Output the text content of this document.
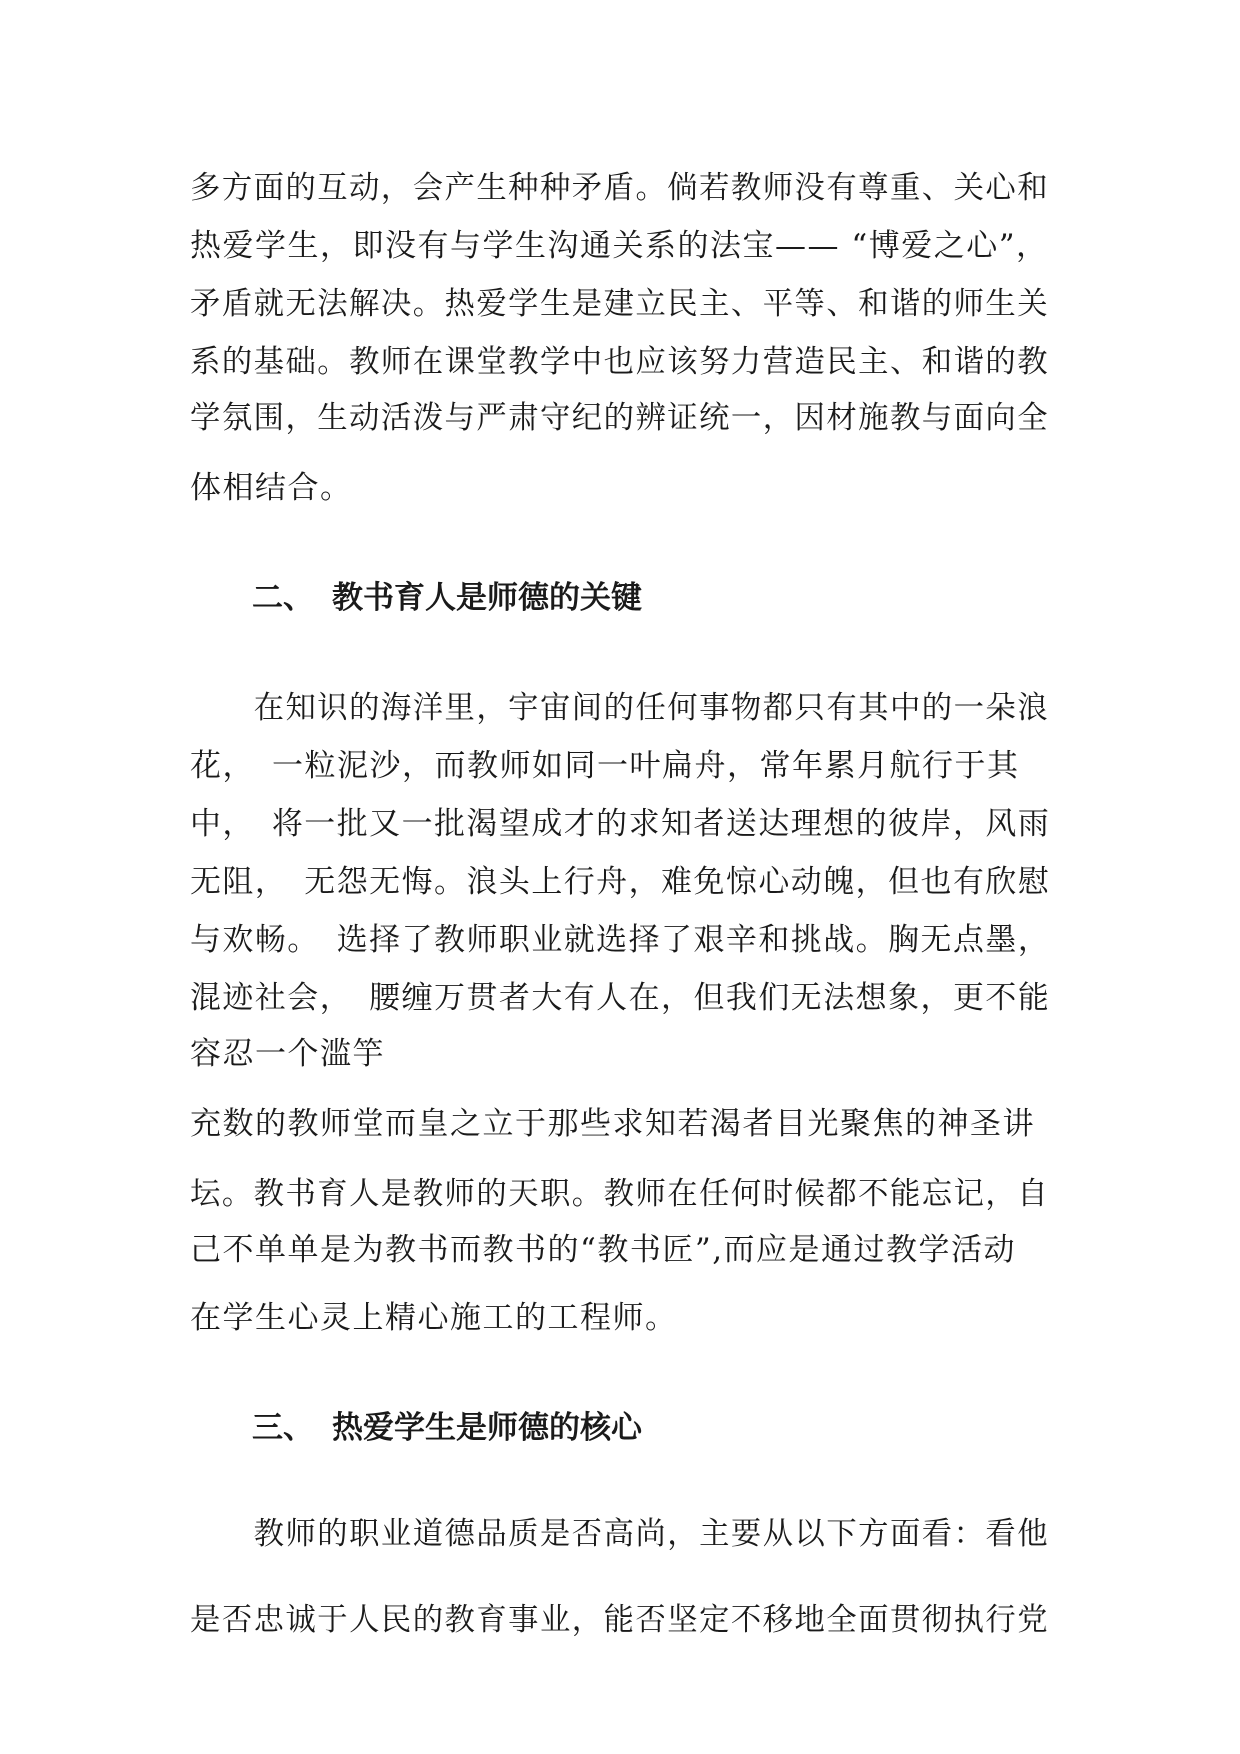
多方面的互动，会产生种种矛盾。倘若教师没有尊重、关心和
热爱学生，即没有与学生沟通关系的法宝—— “博爱之心”，
矛盾就无法解决。热爱学生是建立民主、平等、和谐的师生关
系的基础。教师在课堂教学中也应该努力营造民主、和谐的教
学氛围，生动活泼与严肃守纪的辨证统一，因材施教与面向全
体相结合。
二、 教书育人是师德的关键
　　在知识的海洋里，宇宙间的任何事物都只有其中的一朵浪
花，　一粒泥沙，而教师如同一叶扁舟，常年累月航行于其
中，　将一批又一批渴望成才的求知者送达理想的彼岸，风雨
无阻，　无怨无悔。浪头上行舟，难免惊心动魄，但也有欣慰
与欢畅。　选择了教师职业就选择了艰辛和挑战。胸无点墨，
混迹社会，　腰缠万贯者大有人在，但我们无法想象，更不能
容忍一个滥竽
充数的教师堂而皇之立于那些求知若渴者目光聚焦的神圣讲
坛。教书育人是教师的天职。教师在任何时候都不能忘记，自
己不单单是为教书而教书的“教书匠”,而应是通过教学活动
在学生心灵上精心施工的工程师。
三、 热爱学生是师德的核心
　　教师的职业道德品质是否高尚，主要从以下方面看：看他
是否忠诚于人民的教育事业，能否坚定不移地全面贯彻执行党
